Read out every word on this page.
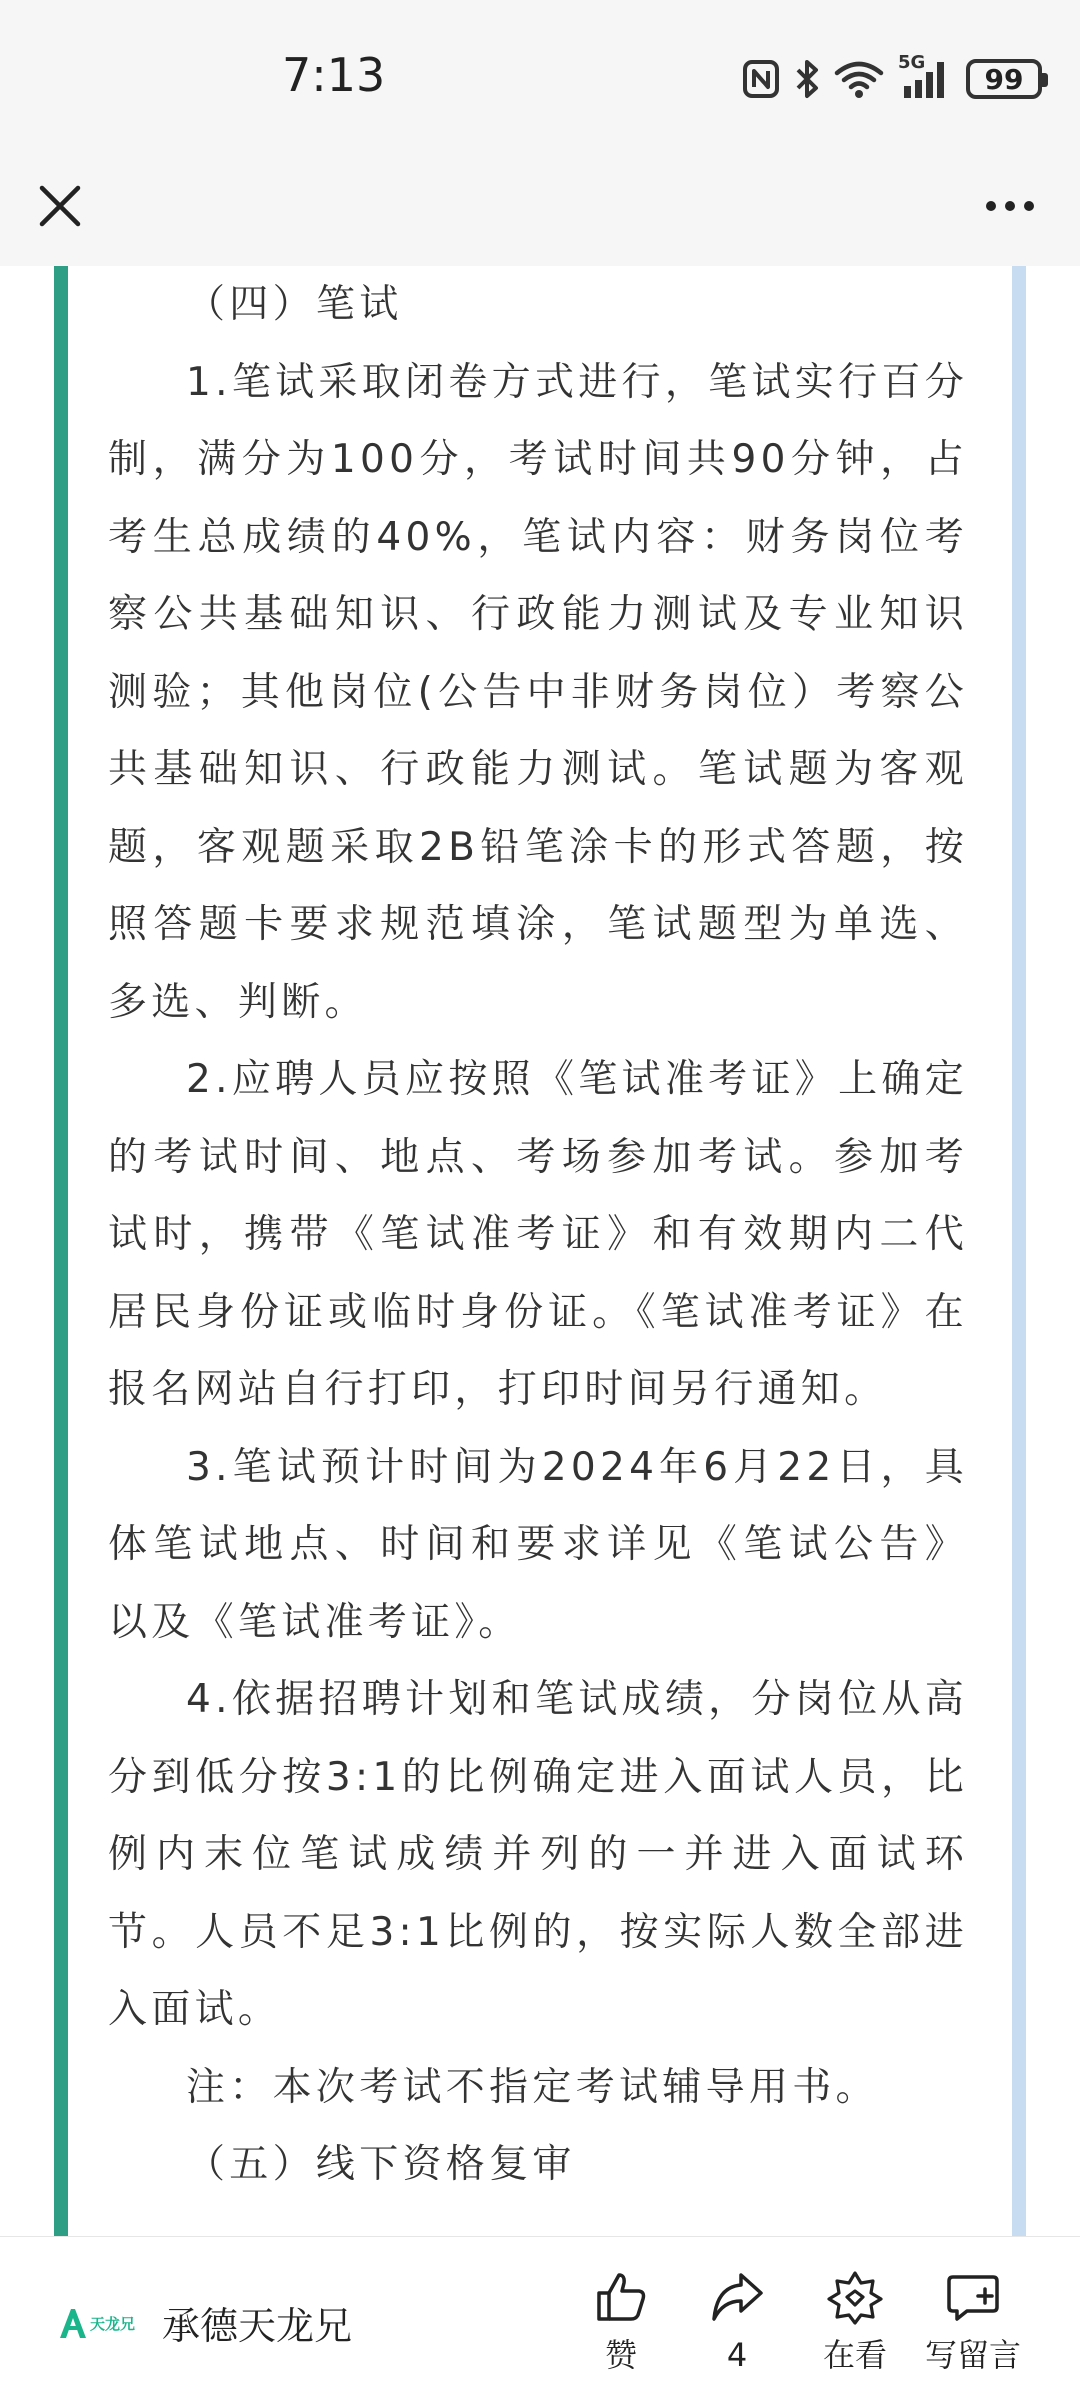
7:13	5G 99

（四）笔试

1.笔试采取闭卷方式进行，笔试实行百分制，满分为100分，考试时间共90分钟，占考生总成绩的40%，笔试内容：财务岗位考察公共基础知识、行政能力测试及专业知识测验；其他岗位(公告中非财务岗位）考察公共基础知识、行政能力测试。笔试题为客观题，客观题采取2B铅笔涂卡的形式答题，按照答题卡要求规范填涂，笔试题型为单选、多选、判断。

2.应聘人员应按照《笔试准考证》上确定的考试时间、地点、考场参加考试。参加考试时，携带《笔试准考证》和有效期内二代居民身份证或临时身份证。《笔试准考证》在报名网站自行打印，打印时间另行通知。

3.笔试预计时间为2024年6月22日，具体笔试地点、时间和要求详见《笔试公告》以及《笔试准考证》。

4.依据招聘计划和笔试成绩，分岗位从高分到低分按3:1的比例确定进入面试人员，比例内末位笔试成绩并列的一并进入面试环节。人员不足3:1比例的，按实际人数全部进入面试。

注：本次考试不指定考试辅导用书。

（五）线下资格复审

天龙兄 承德天龙兄
赞	4 在看 写留言
